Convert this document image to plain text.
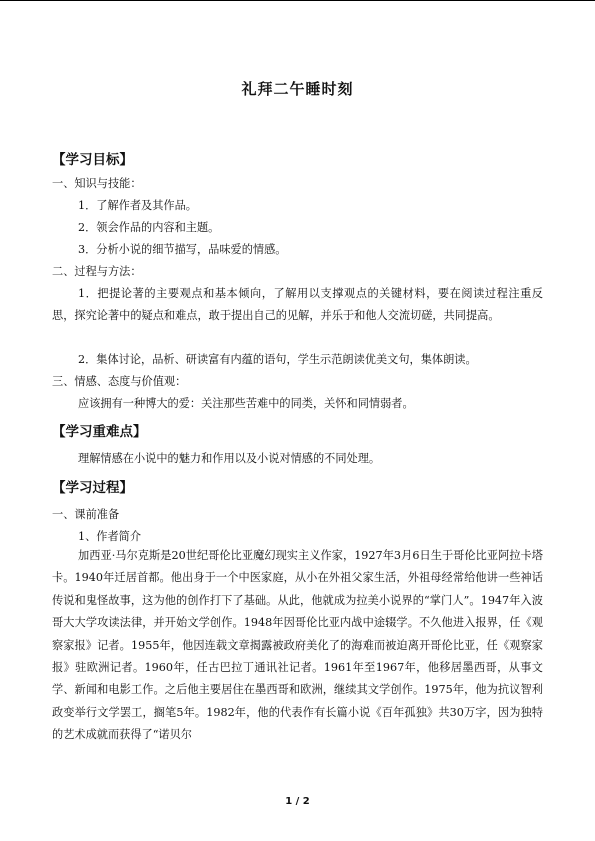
礼拜二午睡时刻
【学习目标】
一、知识与技能：
1．了解作者及其作品。
2．领会作品的内容和主题。
3．分析小说的细节描写，品味爱的情感。
二、过程与方法：
1．把提论著的主要观点和基本倾向，了解用以支撑观点的关键材料，要在阅读过程注重反思，探究论著中的疑点和难点，敢于提出自己的见解，并乐于和他人交流切磋，共同提高。
2．集体讨论，品析、研读富有内蕴的语句，学生示范朗读优美文句，集体朗读。
三、情感、态度与价值观：
应该拥有一种博大的爱：关注那些苦难中的同类，关怀和同情弱者。
【学习重难点】
理解情感在小说中的魅力和作用以及小说对情感的不同处理。
【学习过程】
一、课前准备
1、作者简介
加西亚·马尔克斯是20世纪哥伦比亚魔幻现实主义作家，1927年3月6日生于哥伦比亚阿拉卡塔卡。1940年迁居首都。他出身于一个中医家庭，从小在外祖父家生活，外祖母经常给他讲一些神话传说和鬼怪故事，这为他的创作打下了基础。从此，他就成为拉美小说界的“掌门人”。1947年入波哥大大学攻读法律，并开始文学创作。1948年因哥伦比亚内战中途辍学。不久他进入报界，任《观察家报》记者。1955年，他因连载文章揭露被政府美化了的海难而被迫离开哥伦比亚，任《观察家报》驻欧洲记者。1960年，任古巴拉丁通讯社记者。1961年至1967年，他移居墨西哥，从事文学、新闻和电影工作。之后他主要居住在墨西哥和欧洲，继续其文学创作。1975年，他为抗议智利政变举行文学罢工，搁笔5年。1982年，他的代表作有长篇小说《百年孤独》共30万字，因为独特的艺术成就而获得了“诺贝尔
1 / 2
